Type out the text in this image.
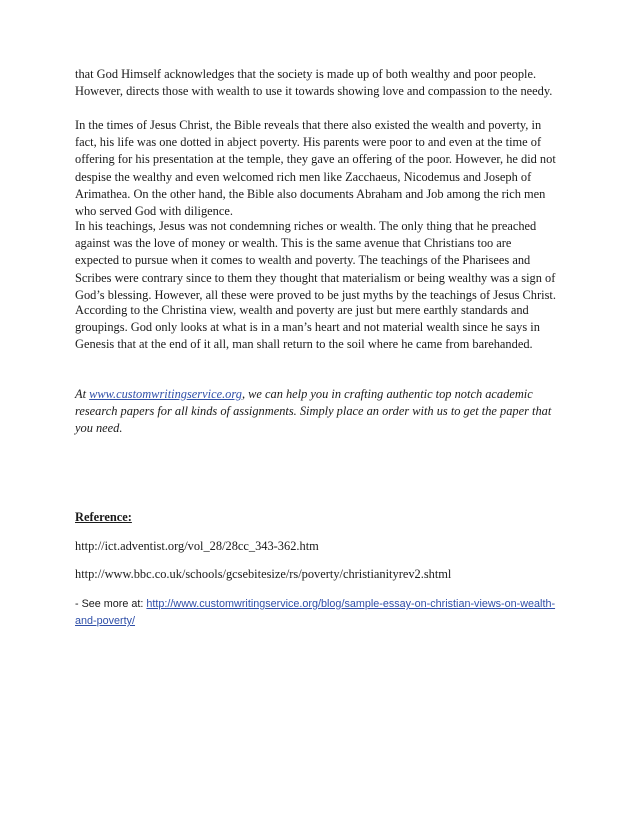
that God Himself acknowledges that the society is made up of both wealthy and poor people.
However, directs those with wealth to use it towards showing love and compassion to the needy.

In the times of Jesus Christ, the Bible reveals that there also existed the wealth and poverty, in
fact, his life was one dotted in abject poverty. His parents were poor to and even at the time of
offering for his presentation at the temple, they gave an offering of the poor. However, he did not
despise the wealthy and even welcomed rich men like Zacchaeus, Nicodemus and Joseph of
Arimathea. On the other hand, the Bible also documents Abraham and Job among the rich men
who served God with diligence.

In his teachings, Jesus was not condemning riches or wealth. The only thing that he preached
against was the love of money or wealth. This is the same avenue that Christians too are
expected to pursue when it comes to wealth and poverty. The teachings of the Pharisees and
Scribes were contrary since to them they thought that materialism or being wealthy was a sign of
God’s blessing. However, all these were proved to be just myths by the teachings of Jesus Christ.

According to the Christina view, wealth and poverty are just but mere earthly standards and
groupings. God only looks at what is in a man’s heart and not material wealth since he says in
Genesis that at the end of it all, man shall return to the soil where he came from barehanded.

At www.customwritingservice.org, we can help you in crafting authentic top notch academic
research papers for all kinds of assignments. Simply place an order with us to get the paper that
you need.

Reference:

http://ict.adventist.org/vol_28/28cc_343-362.htm

http://www.bbc.co.uk/schools/gcsebitesize/rs/poverty/christianityrev2.shtml

- See more at: http://www.customwritingservice.org/blog/sample-essay-on-christian-views-on-wealth-
and-poverty/
